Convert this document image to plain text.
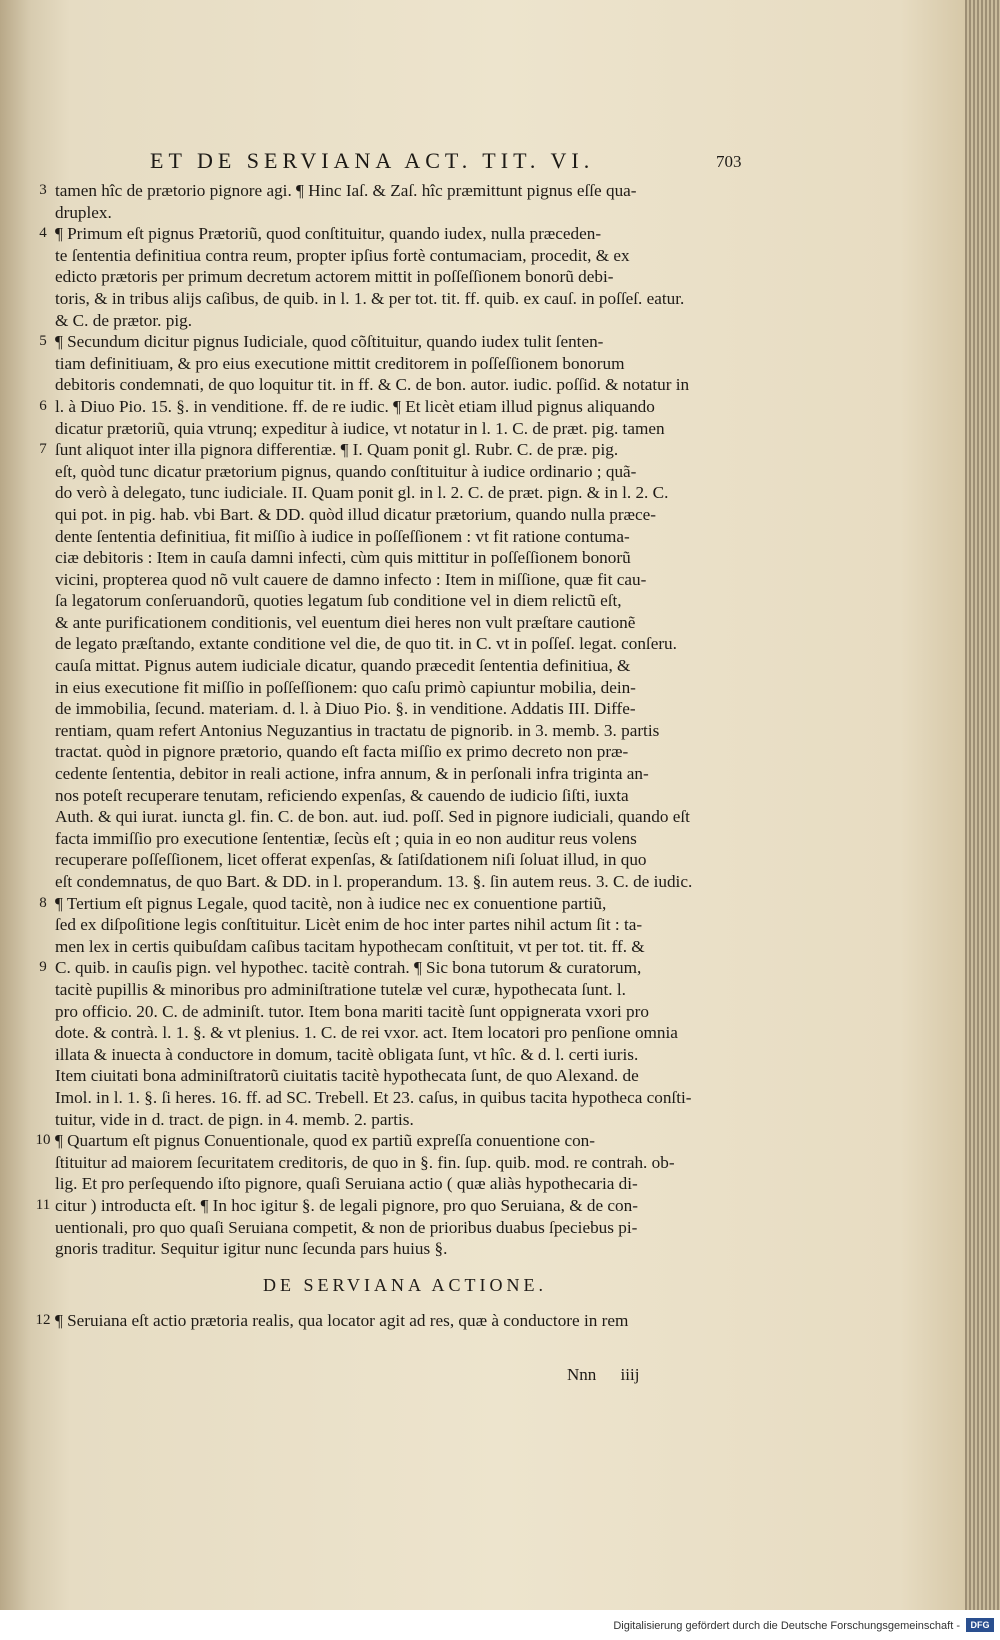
ET DE SERVIANA ACT. TIT. VI.	703
3 tamen hîc de prætorio pignore agi. ¶ Hinc Iaſ. & Zaſ. hîc præmittunt pignus eſſe qua-
druplex.
4 ¶ Primum eſt pignus Prætoriũ, quod conſtituitur, quando iudex, nulla præceden-
te ſententia definitiua contra reum, propter ipſius fortè contumaciam, procedit, & ex
edicto prætoris per primum decretum actorem mittit in poſſeſſionem bonorũ debi-
toris, & in tribus alijs caſibus, de quib. in l. 1. & per tot. tit. ff. quib. ex cauſ. in poſſeſ. eatur.
& C. de prætor. pig.
5 ¶ Secundum dicitur pignus Iudiciale, quod cõſtituitur, quando iudex tulit ſenten-
tiam definitiuam, & pro eius executione mittit creditorem in poſſeſſionem bonorum
debitoris condemnati, de quo loquitur tit. in ff. & C. de bon. autor. iudic. poſſid. & notatur in
6 l. à Diuo Pio. 15. §. in venditione. ff. de re iudic. ¶ Et licèt etiam illud pignus aliquando
dicatur prætoriũ, quia vtrunq; expeditur à iudice, vt notatur in l. 1. C. de præt. pig. tamen
7 ſunt aliquot inter illa pignora differentiæ. ¶ I. Quam ponit gl. Rubr. C. de præ. pig.
eſt, quòd tunc dicatur prætorium pignus, quando conſtituitur à iudice ordinario ; quã-
do verò à delegato, tunc iudiciale. II. Quam ponit gl. in l. 2. C. de præt. pign. & in l. 2. C.
qui pot. in pig. hab. vbi Bart. & DD. quòd illud dicatur prætorium, quando nulla præce-
dente ſententia definitiua, fit miſſio à iudice in poſſeſſionem : vt fit ratione contuma-
ciæ debitoris : Item in cauſa damni infecti, cùm quis mittitur in poſſeſſionem bonorũ
vicini, propterea quod nõ vult cauere de damno infecto : Item in miſſione, quæ fit cau-
ſa legatorum conſeruandorũ, quoties legatum ſub conditione vel in diem relictũ eſt,
& ante purificationem conditionis, vel euentum diei heres non vult præſtare cautionẽ
de legato præſtando, extante conditione vel die, de quo tit. in C. vt in poſſeſ. legat. conſeru.
cauſa mittat. Pignus autem iudiciale dicatur, quando præcedit ſententia definitiua, &
in eius executione fit miſſio in poſſeſſionem: quo caſu primò capiuntur mobilia, dein-
de immobilia, ſecund. materiam. d. l. à Diuo Pio. §. in venditione. Addatis III. Diffe-
rentiam, quam refert Antonius Neguzantius in tractatu de pignorib. in 3. memb. 3. partis
tractat. quòd in pignore prætorio, quando eſt facta miſſio ex primo decreto non præ-
cedente ſententia, debitor in reali actione, infra annum, & in perſonali infra triginta an-
nos poteſt recuperare tenutam, reficiendo expenſas, & cauendo de iudicio ſiſti, iuxta
Auth. & qui iurat. iuncta gl. fin. C. de bon. aut. iud. poſſ. Sed in pignore iudiciali, quando eſt
facta immiſſio pro executione ſententiæ, ſecùs eſt ; quia in eo non auditur reus volens
recuperare poſſeſſionem, licet offerat expenſas, & ſatiſdationem niſi ſoluat illud, in quo
eſt condemnatus, de quo Bart. & DD. in l. properandum. 13. §. ſin autem reus. 3. C. de iudic.
8 ¶ Tertium eſt pignus Legale, quod tacitè, non à iudice nec ex conuentione partiũ,
ſed ex diſpoſitione legis conſtituitur. Licèt enim de hoc inter partes nihil actum ſit : ta-
men lex in certis quibuſdam caſibus tacitam hypothecam conſtituit, vt per tot. tit. ff. &
9 C. quib. in cauſis pign. vel hypothec. tacitè contrah. ¶ Sic bona tutorum & curatorum,
tacitè pupillis & minoribus pro adminiſtratione tutelæ vel curæ, hypothecata ſunt. l.
pro officio. 20. C. de adminiſt. tutor. Item bona mariti tacitè ſunt oppignerata vxori pro
dote. & contrà. l. 1. §. & vt plenius. 1. C. de rei vxor. act. Item locatori pro penſione omnia
illata & inuecta à conductore in domum, tacitè obligata ſunt, vt hîc. & d. l. certi iuris.
Item ciuitati bona adminiſtratorũ ciuitatis tacitè hypothecata ſunt, de quo Alexand. de
Imol. in l. 1. §. ſi heres. 16. ff. ad SC. Trebell. Et 23. caſus, in quibus tacita hypotheca conſti-
tuitur, vide in d. tract. de pign. in 4. memb. 2. partis.
10 ¶ Quartum eſt pignus Conuentionale, quod ex partiũ expreſſa conuentione con-
ſtituitur ad maiorem ſecuritatem creditoris, de quo in §. fin. ſup. quib. mod. re contrah. ob-
lig. Et pro perſequendo iſto pignore, quaſi Seruiana actio ( quæ aliàs hypothecaria di-
11 citur ) introducta eſt. ¶ In hoc igitur §. de legali pignore, pro quo Seruiana, & de con-
uentionali, pro quo quaſi Seruiana competit, & non de prioribus duabus ſpeciebus pi-
gnoris traditur. Sequitur igitur nunc ſecunda pars huius §.
DE SERVIANA ACTIONE.
12 ¶ Seruiana eſt actio prætoria realis, qua locator agit ad res, quæ à conductore in rem
Nnn iiij
Digitalisierung gefördert durch die Deutsche Forschungsgemeinschaft -	DFG
